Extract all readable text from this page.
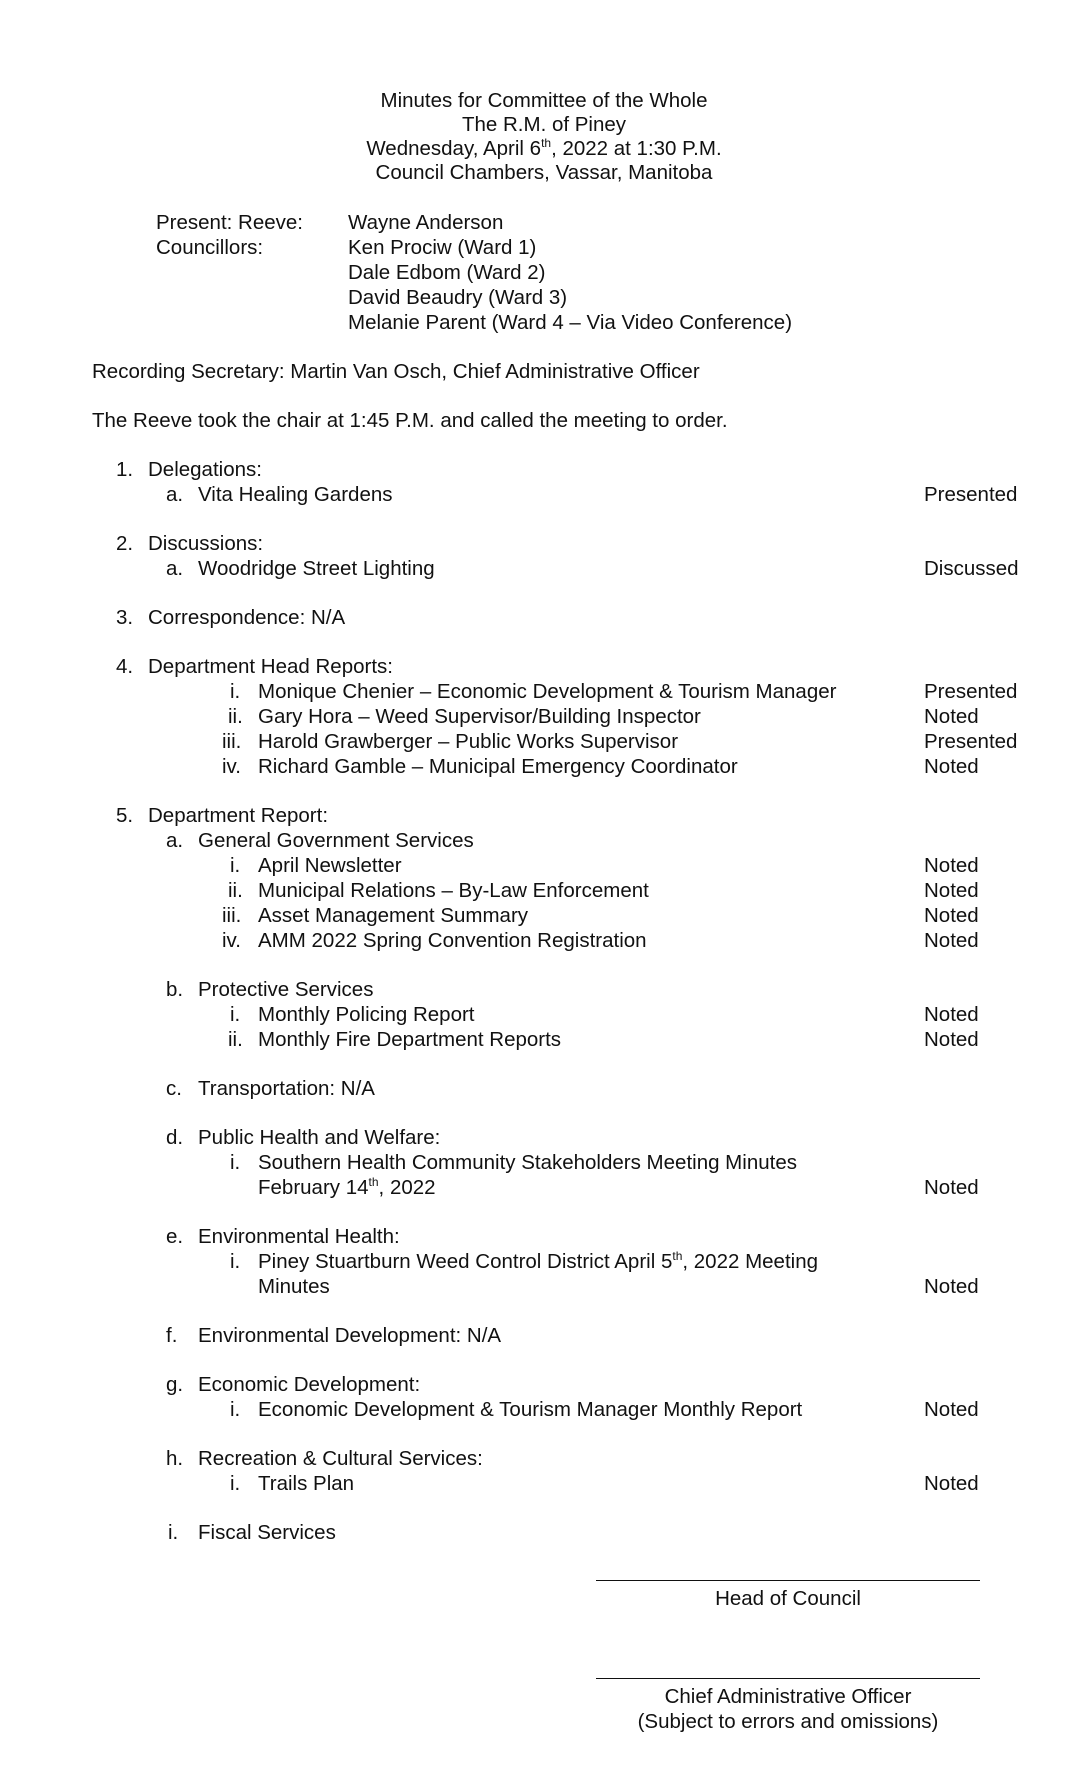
Minutes for Committee of the Whole
The R.M. of Piney
Wednesday, April 6th, 2022 at 1:30 P.M.
Council Chambers, Vassar, Manitoba
Present: Reeve: Wayne Anderson
Councillors:	Ken Prociw (Ward 1)
Dale Edbom (Ward 2)
David Beaudry (Ward 3)
Melanie Parent (Ward 4 – Via Video Conference)
Recording Secretary: Martin Van Osch, Chief Administrative Officer
The Reeve took the chair at 1:45 P.M. and called the meeting to order.
1. Delegations:
a. Vita Healing Gardens	Presented
2. Discussions:
a. Woodridge Street Lighting	Discussed
3. Correspondence: N/A
4. Department Head Reports:
i. Monique Chenier – Economic Development & Tourism Manager	Presented
ii. Gary Hora – Weed Supervisor/Building Inspector	Noted
iii. Harold Grawberger – Public Works Supervisor	Presented
iv. Richard Gamble – Municipal Emergency Coordinator	Noted
5. Department Report:
a. General Government Services
i. April Newsletter	Noted
ii. Municipal Relations – By-Law Enforcement	Noted
iii. Asset Management Summary	Noted
iv. AMM 2022 Spring Convention Registration	Noted
b. Protective Services
i. Monthly Policing Report	Noted
ii. Monthly Fire Department Reports	Noted
c. Transportation: N/A
d. Public Health and Welfare:
i. Southern Health Community Stakeholders Meeting Minutes
February 14th, 2022	Noted
e. Environmental Health:
i. Piney Stuartburn Weed Control District April 5th, 2022 Meeting
Minutes	Noted
f. Environmental Development: N/A
g. Economic Development:
i. Economic Development & Tourism Manager Monthly Report	Noted
h. Recreation & Cultural Services:
i. Trails Plan	Noted
i. Fiscal Services
Head of Council
Chief Administrative Officer
(Subject to errors and omissions)
